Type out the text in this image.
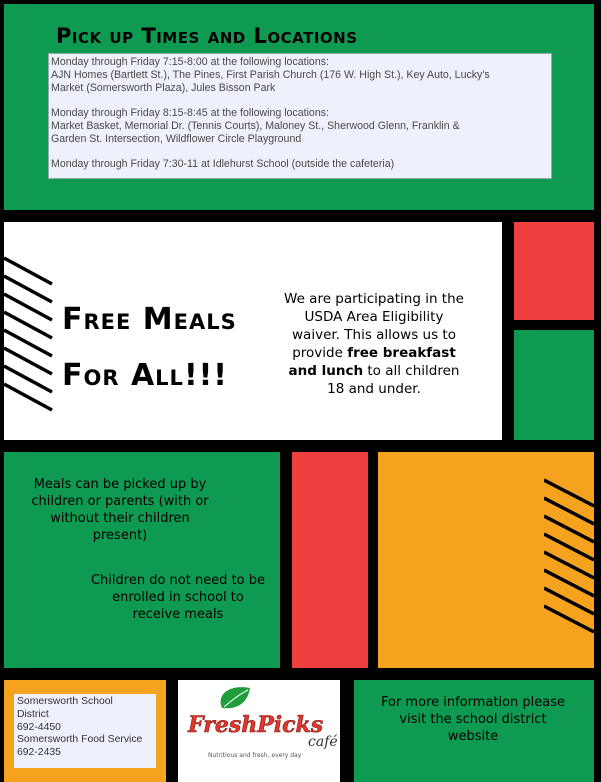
Pick up Times and Locations

Monday through Friday 7:15-8:00 at the following locations:

AJN Homes (Bartlett St.), The Pines, First Parish Church (176 W. High St.), Key Auto, Lucky's

Market (Somersworth Plaza), Jules Bisson Park

Monday through Friday 8:15-8:45 at the following locations:

Market Basket, Memorial Dr. (Tennis Courts), Maloney St., Sherwood Glenn, Franklin &

Garden St. Intersection, Wildflower Circle Playground

Monday through Friday 7:30-11 at Idlehurst School (outside the cafeteria)

Free Meals
For All!!!
We are participating in the USDA Area Eligibility waiver. This allows us to provide free breakfast and lunch to all children 18 and under.
Meals can be picked up by children or parents (with or without their children present)
Children do not need to be enrolled in school to receive meals

Somersworth School

District

692-4450

Somersworth Food Service

692-2435

FreshPicks
café
Nutritious and fresh, every day
For more information please visit the school district website
